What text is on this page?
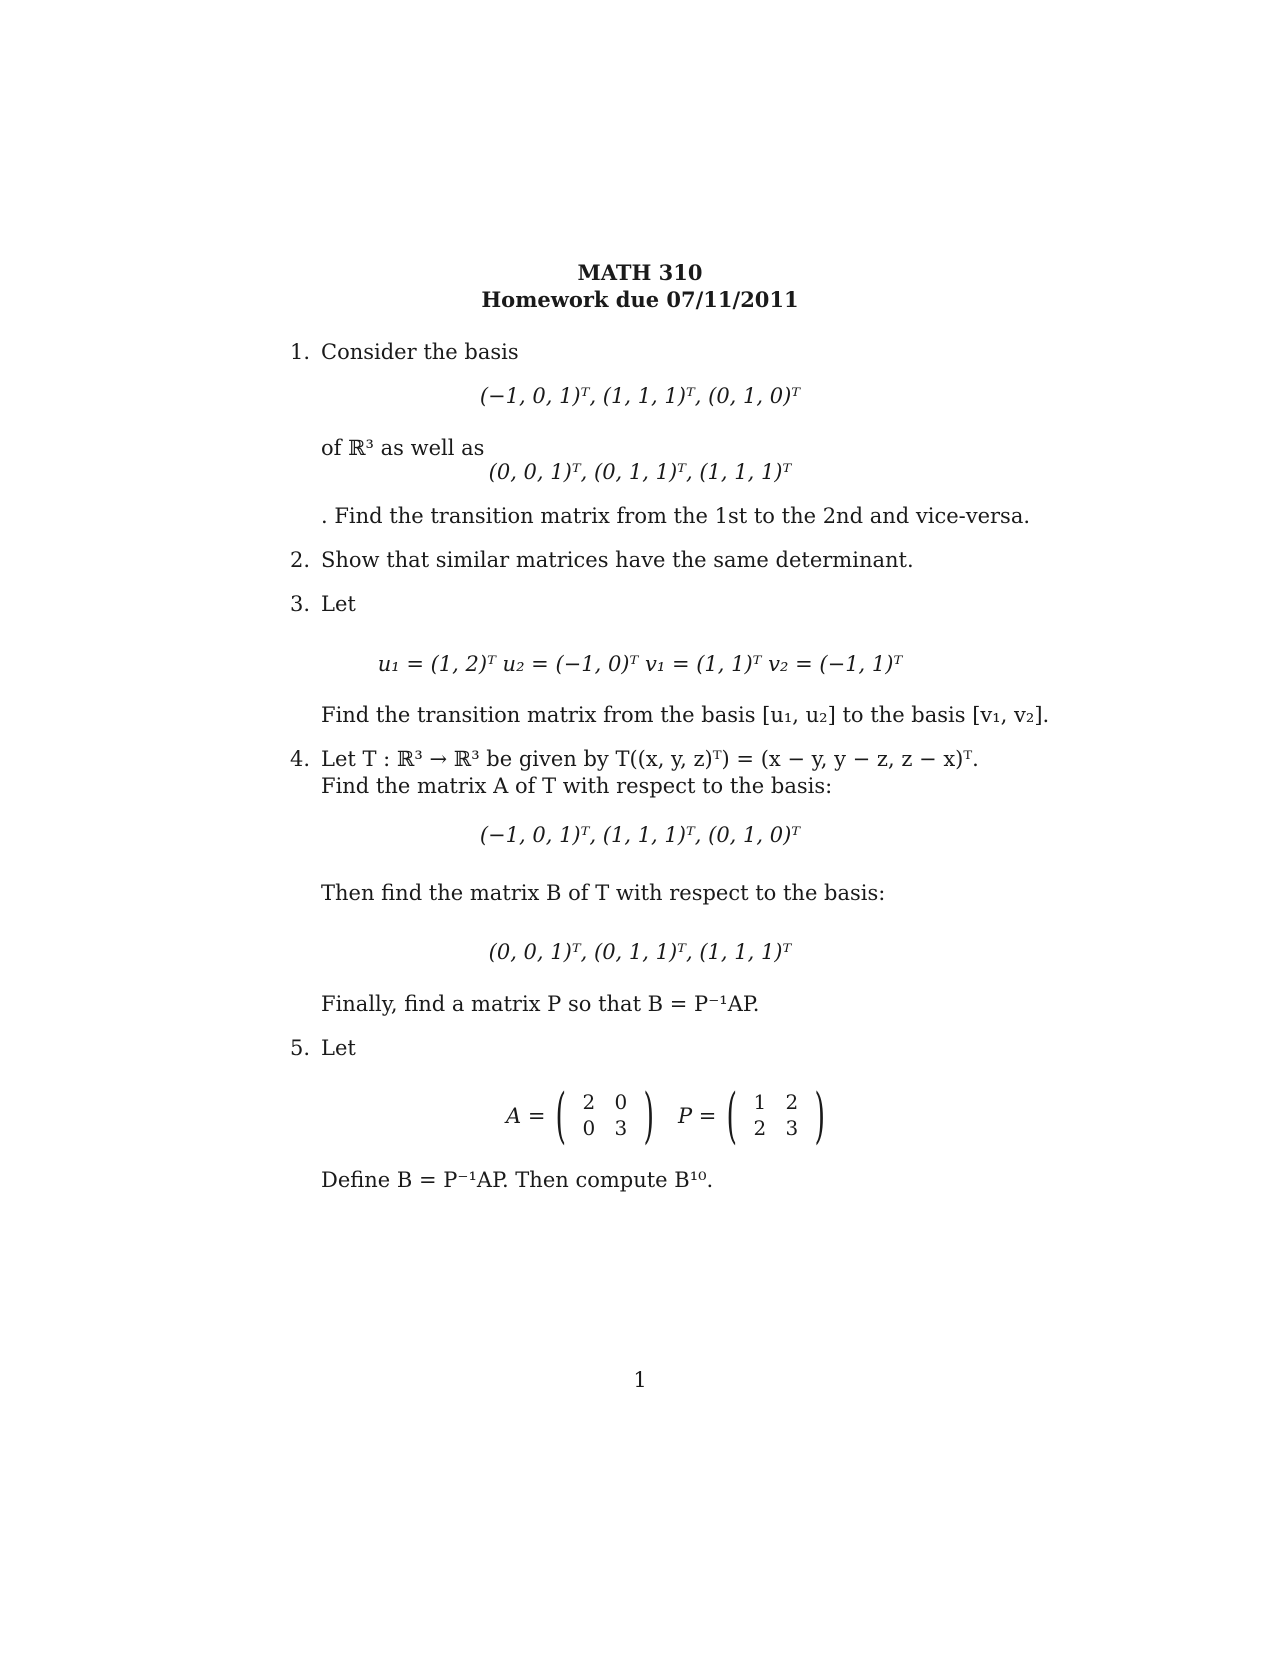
MATH 310
Homework due 07/11/2011
1. Consider the basis
(−1, 0, 1)ᵀ, (1, 1, 1)ᵀ, (0, 1, 0)ᵀ
of ℝ³ as well as
(0, 0, 1)ᵀ, (0, 1, 1)ᵀ, (1, 1, 1)ᵀ
. Find the transition matrix from the 1st to the 2nd and vice-versa.
2. Show that similar matrices have the same determinant.
3. Let
u₁ = (1, 2)ᵀ u₂ = (−1, 0)ᵀ v₁ = (1, 1)ᵀ v₂ = (−1, 1)ᵀ
Find the transition matrix from the basis [u₁, u₂] to the basis [v₁, v₂].
4. Let T : ℝ³ → ℝ³ be given by T((x, y, z)ᵀ) = (x − y, y − z, z − x)ᵀ.
Find the matrix A of T with respect to the basis:
(−1, 0, 1)ᵀ, (1, 1, 1)ᵀ, (0, 1, 0)ᵀ
Then find the matrix B of T with respect to the basis:
(0, 0, 1)ᵀ, (0, 1, 1)ᵀ, (1, 1, 1)ᵀ
Finally, find a matrix P so that B = P⁻¹AP.
5. Let
A = ( 2 0
0 3 ) P = ( 1 2
2 3 )
Define B = P⁻¹AP. Then compute B¹⁰.
1
